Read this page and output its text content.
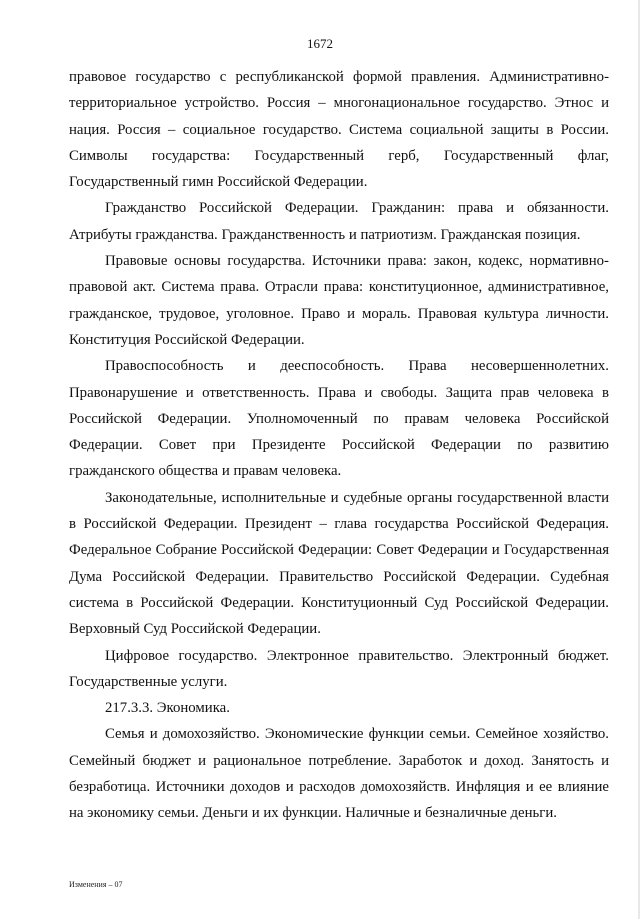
1672

правовое государство с республиканской формой правления. Административно-территориальное устройство. Россия – многонациональное государство. Этнос и нация. Россия – социальное государство. Система социальной защиты в России. Символы государства: Государственный герб, Государственный флаг, Государственный гимн Российской Федерации.

Гражданство Российской Федерации. Гражданин: права и обязанности. Атрибуты гражданства. Гражданственность и патриотизм. Гражданская позиция.

Правовые основы государства. Источники права: закон, кодекс, нормативно-правовой акт. Система права. Отрасли права: конституционное, административное, гражданское, трудовое, уголовное. Право и мораль. Правовая культура личности. Конституция Российской Федерации.

Правоспособность и дееспособность. Права несовершеннолетних. Правонарушение и ответственность. Права и свободы. Защита прав человека в Российской Федерации. Уполномоченный по правам человека Российской Федерации. Совет при Президенте Российской Федерации по развитию гражданского общества и правам человека.

Законодательные, исполнительные и судебные органы государственной власти в Российской Федерации. Президент – глава государства Российской Федерация. Федеральное Собрание Российской Федерации: Совет Федерации и Государственная Дума Российской Федерации. Правительство Российской Федерации. Судебная система в Российской Федерации. Конституционный Суд Российской Федерации. Верховный Суд Российской Федерации.

Цифровое государство. Электронное правительство. Электронный бюджет. Государственные услуги.

217.3.3. Экономика.

Семья и домохозяйство. Экономические функции семьи. Семейное хозяйство. Семейный бюджет и рациональное потребление. Заработок и доход. Занятость и безработица. Источники доходов и расходов домохозяйств. Инфляция и ее влияние на экономику семьи. Деньги и их функции. Наличные и безналичные деньги.

Изменения – 07
